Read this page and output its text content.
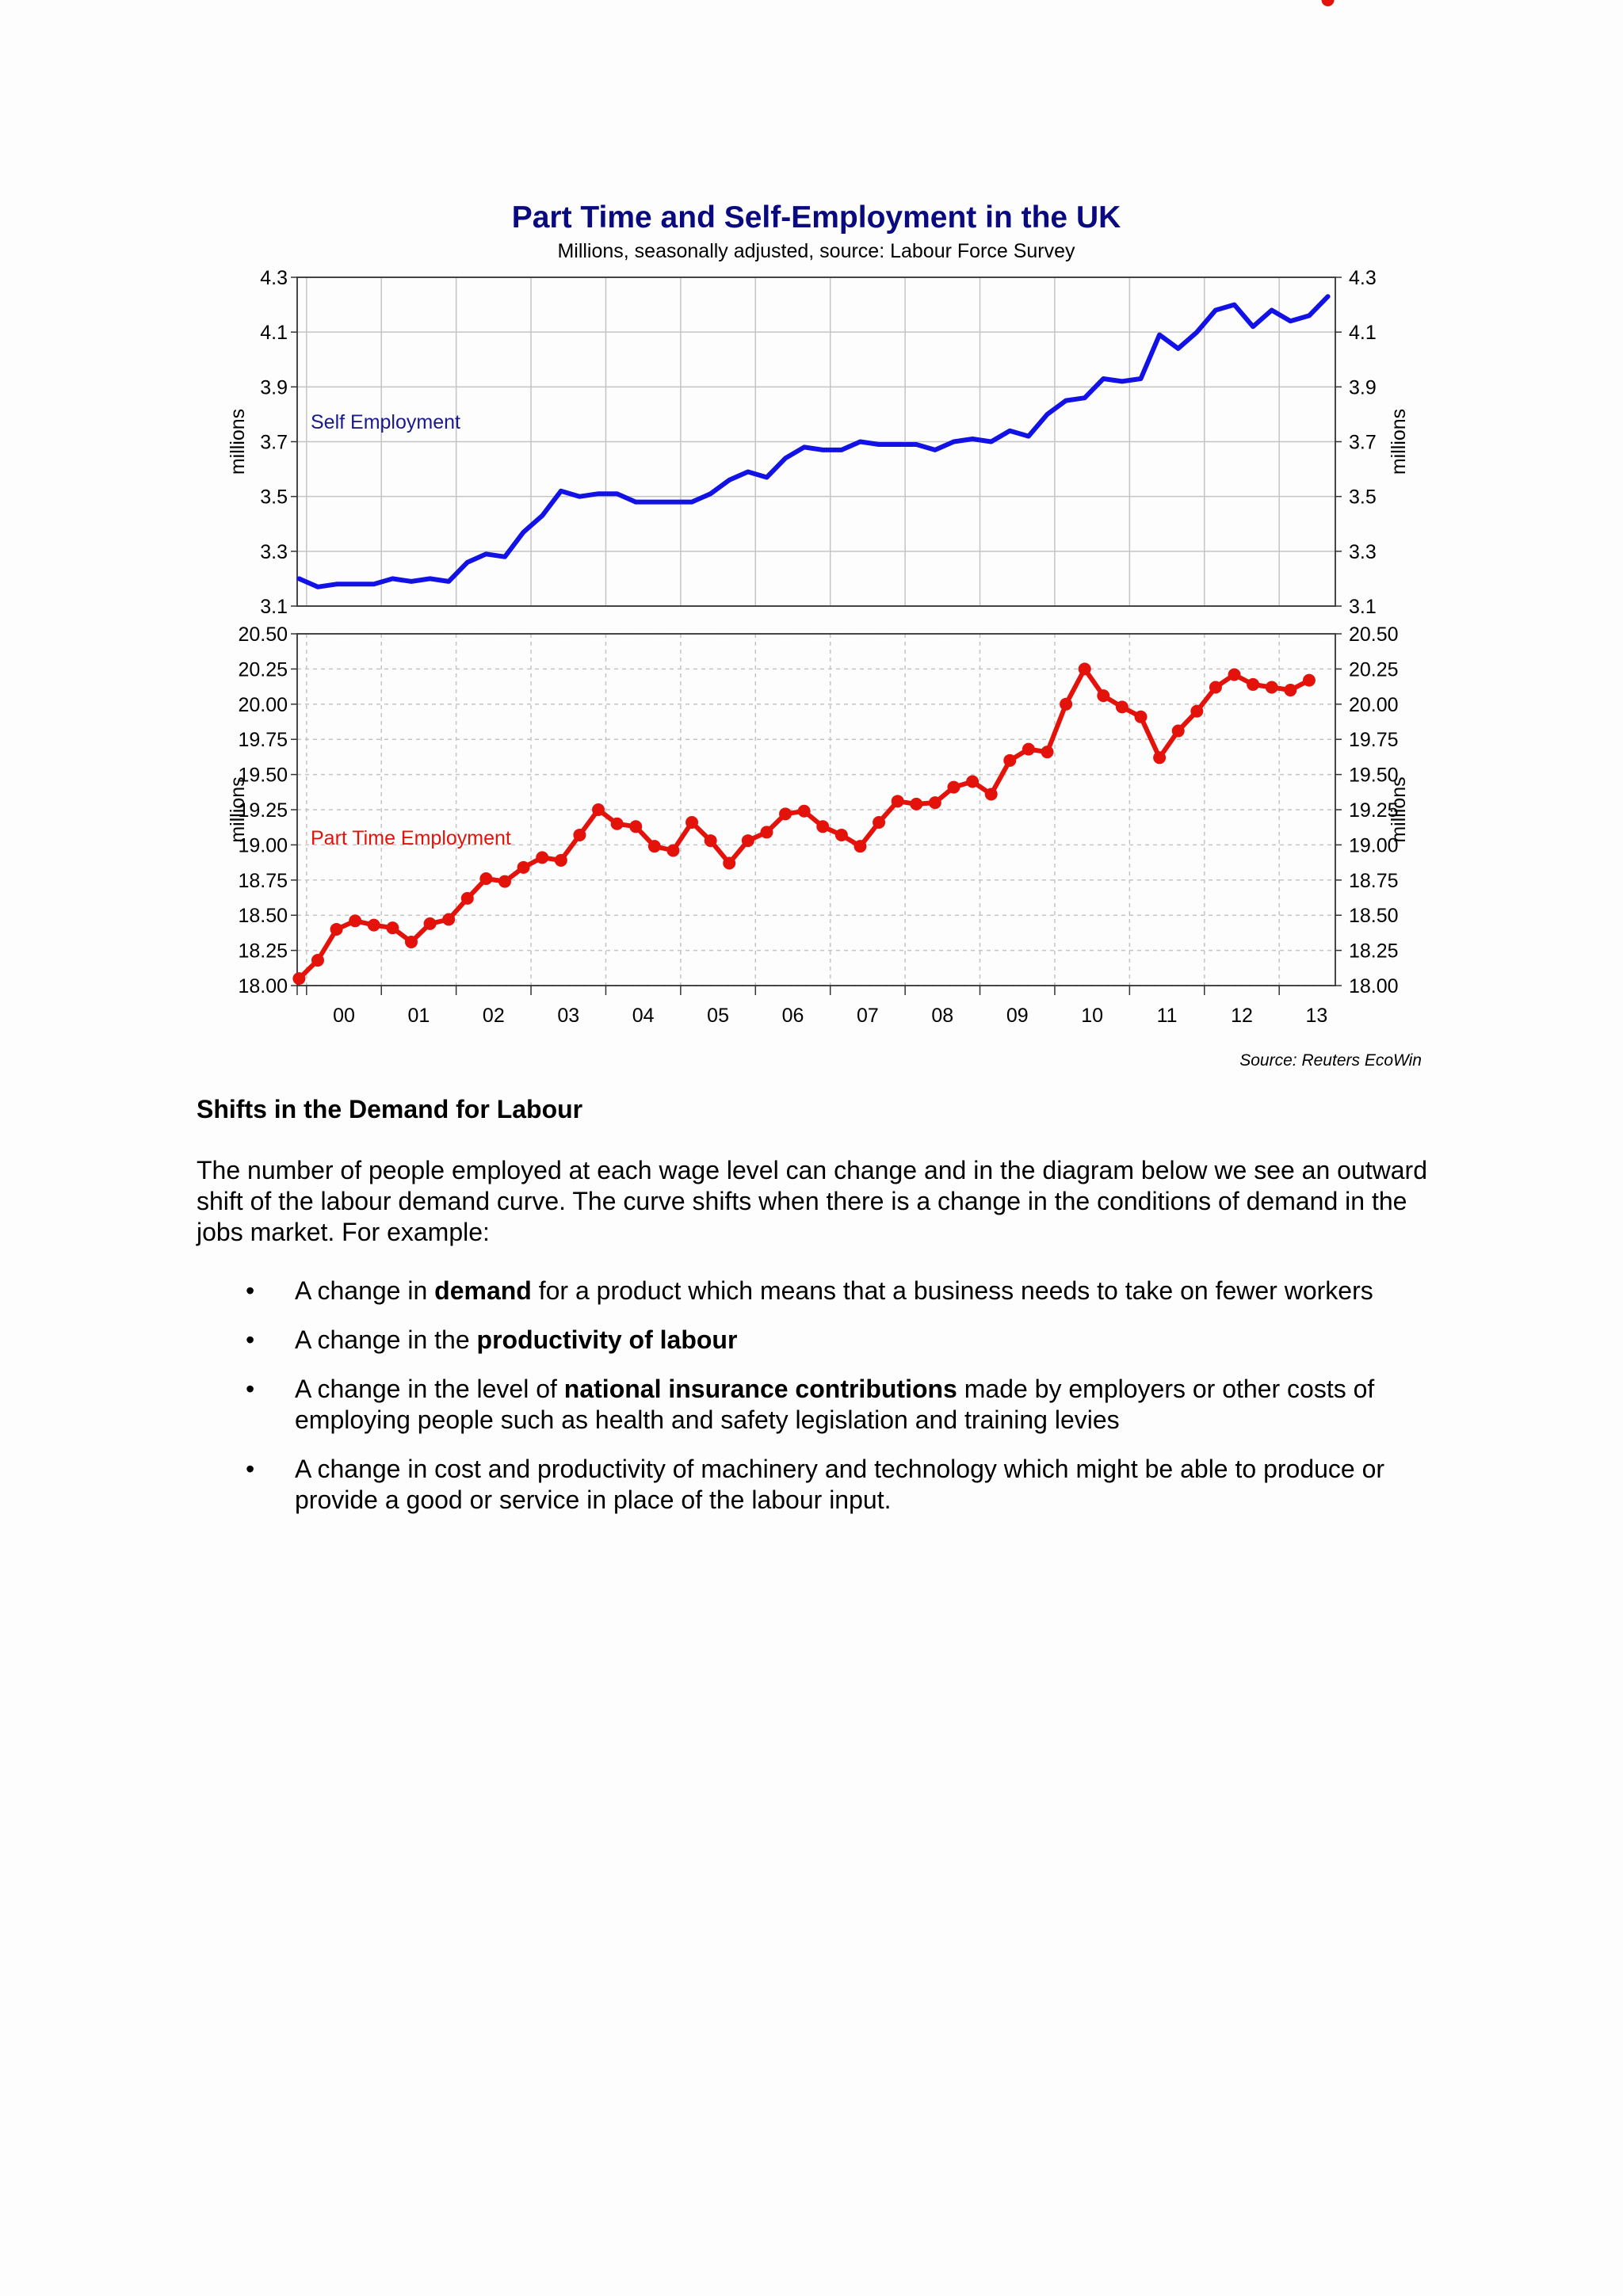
Part Time and Self-Employment in the UK
Millions, seasonally adjusted, source: Labour Force Survey
4.3	4.3
4.1	4.1
3.9	3.9
3.7	3.7
3.5	3.5
3.3	3.3
3.1	3.1
millions	millions
Self Employment
20.50	20.50
20.25	20.25
20.00	20.00
19.75	19.75
19.50	19.50
19.25	19.25
19.00	19.00
18.75	18.75
18.50	18.50
18.25	18.25
18.00	18.00
millions	millions
Part Time Employment
00	01	02	03	04	05	06	07	08	09	10	11	12	13
Source: Reuters EcoWin
Shifts in the Demand for Labour

The number of people employed at each wage level can change and in the diagram below we see an outward shift of the labour demand curve. The curve shifts when there is a change in the conditions of demand in the jobs market. For example:

• A change in demand for a product which means that a business needs to take on fewer workers
• A change in the productivity of labour
• A change in the level of national insurance contributions made by employers or other costs of employing people such as health and safety legislation and training levies
• A change in cost and productivity of machinery and technology which might be able to produce or provide a good or service in place of the labour input.
